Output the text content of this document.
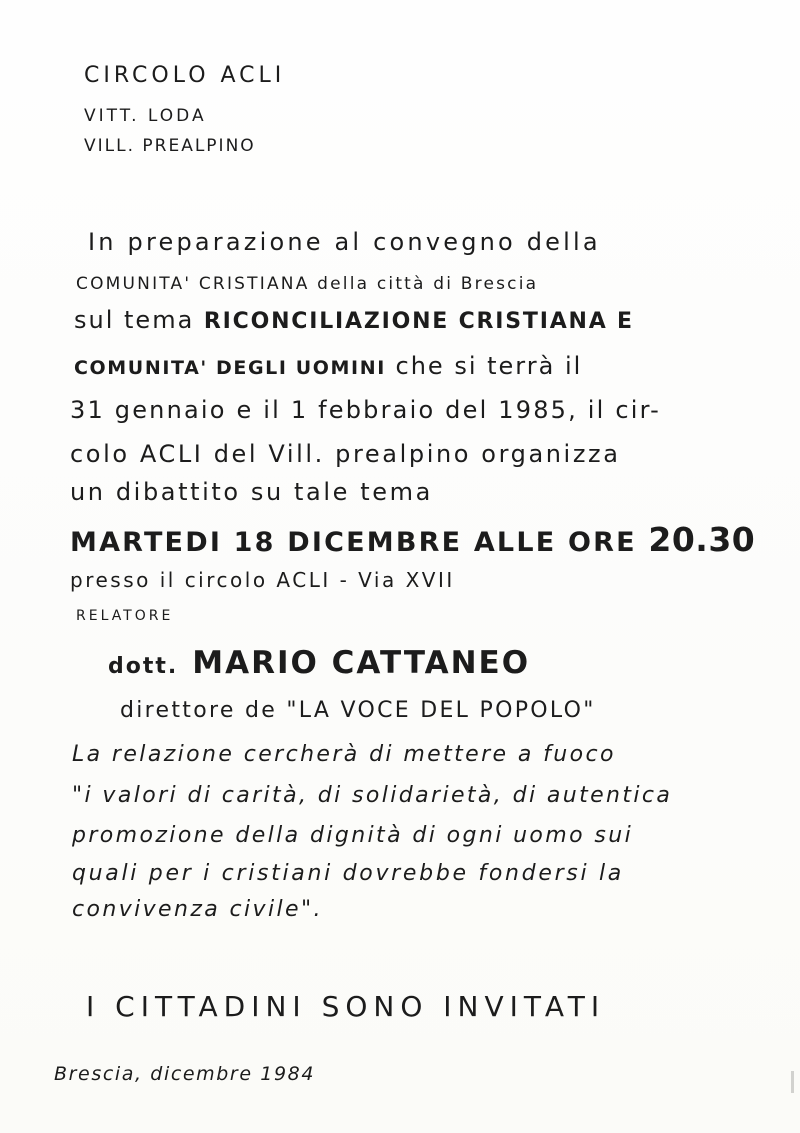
CIRCOLO ACLI
VITT. LODA
VILL. PREALPINO
In preparazione al convegno della
COMUNITA' CRISTIANA della città di Brescia
sul tema RICONCILIAZIONE CRISTIANA E
COMUNITA' DEGLI UOMINI che si terrà il
31 gennaio e il 1 febbraio del 1985, il cir-
colo ACLI del Vill. prealpino organizza
un dibattito su tale tema
MARTEDI 18 DICEMBRE ALLE ORE 20.30
presso il circolo ACLI - Via XVII
RELATORE
dott. MARIO CATTANEO
direttore de "LA VOCE DEL POPOLO"
La relazione cercherà di mettere a fuoco
"i valori di carità, di solidarietà, di autentica
promozione della dignità di ogni uomo sui
quali per i cristiani dovrebbe fondersi la
convivenza civile".
I CITTADINI SONO INVITATI
Brescia, dicembre 1984
